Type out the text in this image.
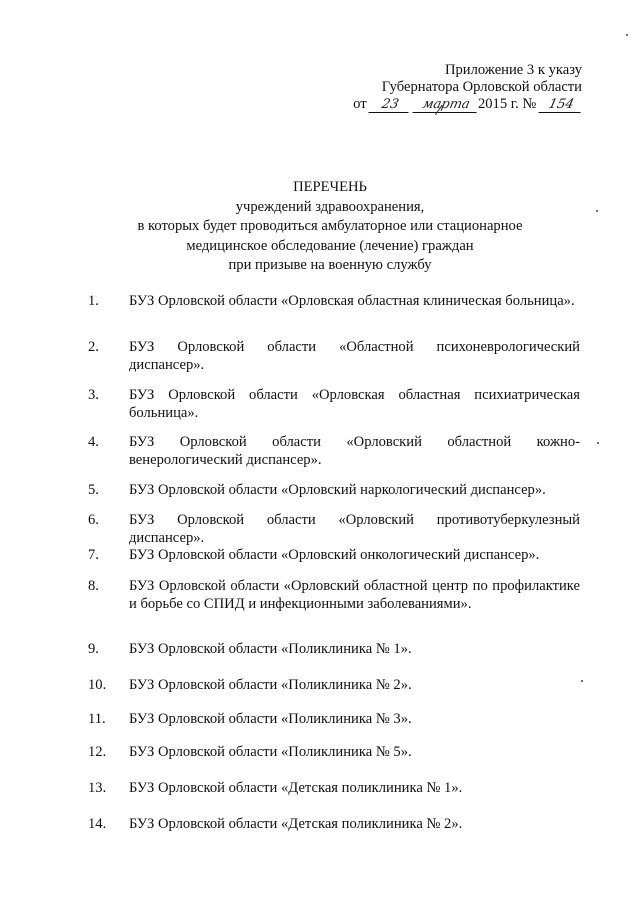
Приложение 3 к указу
Губернатора Орловской области
от 23 марта 2015 г. № 154
ПЕРЕЧЕНЬ
учреждений здравоохранения,
в которых будет проводиться амбулаторное или стационарное
медицинское обследование (лечение) граждан
при призыве на военную службу
1.	БУЗ Орловской области «Орловская областная клиническая больница».
2.	БУЗ Орловской области «Областной психоневрологический диспансер».
3.	БУЗ Орловской области «Орловская областная психиатрическая больница».
4.	БУЗ Орловской области «Орловский областной кожно-венерологический диспансер».
5.	БУЗ Орловской области «Орловский наркологический диспансер».
6.	БУЗ Орловской области «Орловский противотуберкулезный диспансер».
7.	БУЗ Орловской области «Орловский онкологический диспансер».
8.	БУЗ Орловской области «Орловский областной центр по профилактике и борьбе со СПИД и инфекционными заболеваниями».
9.	БУЗ Орловской области «Поликлиника № 1».
10.	БУЗ Орловской области «Поликлиника № 2».
11.	БУЗ Орловской области «Поликлиника № 3».
12.	БУЗ Орловской области «Поликлиника № 5».
13.	БУЗ Орловской области «Детская поликлиника № 1».
14.	БУЗ Орловской области «Детская поликлиника № 2».
